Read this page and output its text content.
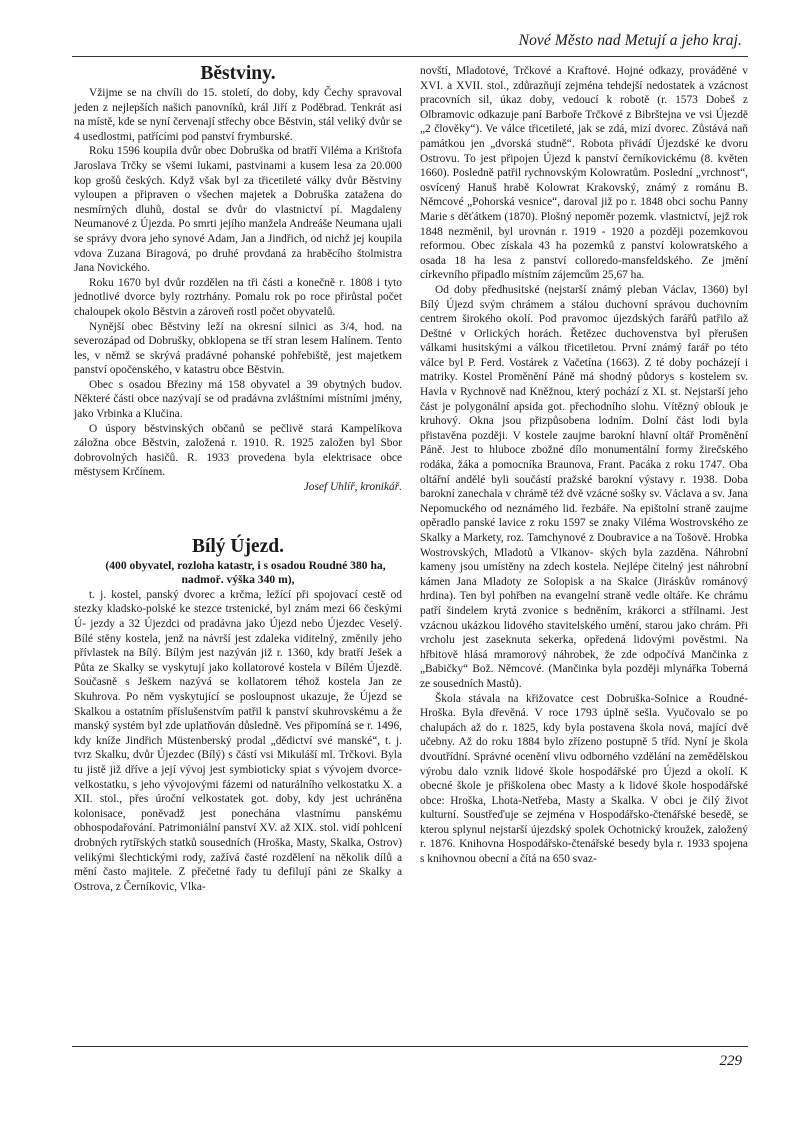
Nové Město nad Metují a jeho kraj.
Běstviny.

Vžijme se na chvíli do 15. století, do doby, kdy Čechy spravoval jeden z nejlepších našich panovníků, král Jiří z Poděbrad. Tenkrát asi na místě, kde se nyní červenají střechy obce Běstvin, stál veliký dvůr se 4 usedlostmi, patřícími pod panství frymburské.

Roku 1596 koupila dvůr obec Dobruška od bratří Viléma a Krištofa Jaroslava Trčky se všemi lukami, pastvinami a kusem lesa za 20.000 kop grošů českých. Když však byl za třicetileté války dvůr Běstviny vyloupen a připraven o všechen majetek a Dobruška zatažena do nesmírných dluhů, dostal se dvůr do vlastnictví pí. Magdaleny Neumanové z Újezda. Po smrti jejího manžela Andreáše Neumana ujali se správy dvora jeho synové Adam, Jan a Jindřich, od nichž jej koupila vdova Zuzana Biragová, po druhé provdaná za hraběcího štolmistra Jana Novického.

Roku 1670 byl dvůr rozdělen na tři části a konečně r. 1808 i tyto jednotlivé dvorce byly roztrhány. Pomalu rok po roce přirůstal počet chaloupek okolo Běstvin a zároveň rostl počet obyvatelů.

Nynější obec Běstviny leží na okresní silnici as 3/4, hod. na severozápad od Dobrušky, obklopena se tří stran lesem Halínem. Tento les, v němž se skrývá pradávné pohanské pohřebiště, jest majetkem panství opočenského, v katastru obce Běstvin.

Obec s osadou Březiny má 158 obyvatel a 39 obytných budov. Některé části obce nazývají se od pradávna zvláštními místními jmény, jako Vrbinka a Klučina.

O úspory běstvinských občanů se pečlivě stará Kampelíkova záložna obce Běstvin, založená r. 1910. R. 1925 založen byl Sbor dobrovolných hasičů. R. 1933 provedena byla elektrisace obce městysem Krčínem.

Josef Uhlíř, kronikář.

Bílý Újezd.

(400 obyvatel, rozloha katastr, i s osadou Roudné 380 ha, nadmoř. výška 340 m),

t. j. kostel, panský dvorec a krčma, ležící při spojovací cestě od stezky kladsko-polské ke stezce trstenické, byl znám mezi 66 českými Ú- jezdy a 32 Újezdci od pradávna jako Újezd nebo Újezdec Veselý. Bílé stěny kostela, jenž na návrší jest zdaleka viditelný, změnily jeho přívlastek na Bílý. Bílým jest nazýván již r. 1360, kdy bratří Ješek a Půta ze Skalky se vyskytují jako kollatorové kostela v Bílém Újezdě. Současně s Ješkem nazývá se kollatorem téhož kostela Jan ze Skuhrova. Po něm vyskytující se posloupnost ukazuje, že Újezd se Skalkou a ostatním příslušenstvím patřil k panství skuhrovskému a že manský systém byl zde uplatňován důsledně. Ves připomíná se r. 1496, kdy kníže Jindřich Müstenberský prodal „dědictví své manské“, t. j. tvrz Skalku, dvůr Újezdec (Bílý) s částí vsi Mikuláší ml. Trčkovi. Byla tu jistě již dříve a její vývoj jest symbioticky spiat s vývojem dvorce-velkostatku, s jeho vývojovými fázemi od naturálního velkostatku X. a XII. stol., přes úroční velkostatek got. doby, kdy jest uchráněna kolonisace, poněvadž jest ponechána vlastnímu panskému obhospodařování. Patrimoniální panství XV. až XIX. stol. vidí pohlcení drobných rytířských statků sousedních (Hroška, Masty, Skalka, Ostrov) velikými šlechtickými rody, zažívá časté rozdělení na několik dílů a mění často majitele. Z přečetné řady tu defilují páni ze Skalky a Ostrova, z Černíkovic, Vlka-

novští, Mladotové, Trčkové a Kraftové. Hojné odkazy, prováděné v XVI. a XVII. stol., zdůrazňují zejména tehdejší nedostatek a vzácnost pracovních sil, úkaz doby, vedoucí k robotě (r. 1573 Dobeš z Olbramovic odkazuje paní Barboře Trčkové z Bibrštejna ve vsi Újezdě „2 člověky“). Ve válce třicetileté, jak se zdá, mizí dvorec. Zůstává naň památkou jen „dvorská studně“. Robota přivádí Újezdské ke dvoru Ostrovu. To jest připojen Újezd k panství černíkovickému (8. květen 1660). Posledně patřil rychnovským Kolowratům. Poslední „vrchnost“, osvícený Hanuš hrabě Kolowrat Krakovský, známý z románu B. Němcové „Pohorská vesnice“, daroval již po r. 1848 obci sochu Panny Marie s děťátkem (1870). Plošný nepoměr pozemk. vlastnictví, jejž rok 1848 nezměnil, byl urovnán r. 1919 - 1920 a později pozemkovou reformou. Obec získala 43 ha pozemků z panství kolowratského a osada 18 ha lesa z panství colloredo-mansfeldského. Ze jmění církevního připadlo místním zájemcům 25,67 ha.

Od doby předhusitské (nejstarší známý pleban Václav, 1360) byl Bílý Újezd svým chrámem a stálou duchovní správou duchovním centrem širokého okolí. Pod pravomoc újezdských farářů patřilo až Deštné v Orlických horách. Řetězec duchovenstva byl přerušen válkami husitskými a válkou třicetiletou. První známý farář po této válce byl P. Ferd. Vostárek z Vačetína (1663). Z té doby pocházejí i matriky. Kostel Proměnění Páně má shodný půdorys s kostelem sv. Havla v Rychnově nad Kněžnou, který pochází z XI. st. Nejstarší jeho část je polygonální apsida got. přechodního slohu. Vítězný oblouk je kruhový. Okna jsou přizpůsobena lodním. Dolní část lodi byla přistavěna později. V kostele zaujme barokní hlavní oltář Proměnění Páně. Jest to hluboce zbožné dílo monumentální formy žirečského rodáka, žáka a pomocníka Braunova, Frant. Pacáka z roku 1747. Oba oltářní andělé byli součástí pražské barokní výstavy r. 1938. Doba barokní zanechala v chrámě též dvě vzácné sošky sv. Václava a sv. Jana Nepomuckého od neznámého lid. řezbáře. Na epištolní straně zaujme opěradlo panské lavice z roku 1597 se znaky Viléma Wostrovského ze Skalky a Markety, roz. Tamchynové z Doubravice a na Tošově. Hrobka Wostrovských, Mladotů a Vlkanov- ských byla zazděna. Náhrobní kameny jsou umístěny na zdech kostela. Nejlépe čitelný jest náhrobní kámen Jana Mladoty ze Solopisk a na Skalce (Jiráskův románový hrdina). Ten byl pohřben na evangelní straně vedle oltáře. Ke chrámu patří šindelem krytá zvonice s bedněním, krákorci a střílnami. Jest vzácnou ukázkou lidového stavitelského umění, starou jako chrám. Při vrcholu jest zaseknuta sekerka, opředená lidovými pověstmi. Na hřbitově hlásá mramorový náhrobek, že zde odpočívá Mančinka z „Babičky“ Bož. Němcové. (Mančinka byla později mlynářka Toberná ze sousedních Mastů).

Škola stávala na křižovatce cest Dobruška-Solnice a Roudné-Hroška. Byla dřevěná. V roce 1793 úplně sešla. Vyučovalo se po chalupách až do r. 1825, kdy byla postavena škola nová, mající dvě učebny. Až do roku 1884 bylo zřízeno postupně 5 tříd. Nyní je škola dvoutřídní. Správné ocenění vlivu odborného vzdělání na zemědělskou výrobu dalo vznik lidové škole hospodářské pro Újezd a okolí. K obecné škole je přiškolena obec Masty a k lidové škole hospodářské obce: Hroška, Lhota-Netřeba, Masty a Skalka. V obci je čilý život kulturní. Soustřeďuje se zejména v Hospodářsko-čtenářské besedě, se kterou splynul nejstarší újezdský spolek Ochotnický kroužek, založený r. 1876. Knihovna Hospodářsko-čtenářské besedy byla r. 1933 spojena s knihovnou obecní a čítá na 650 svaz-

229
